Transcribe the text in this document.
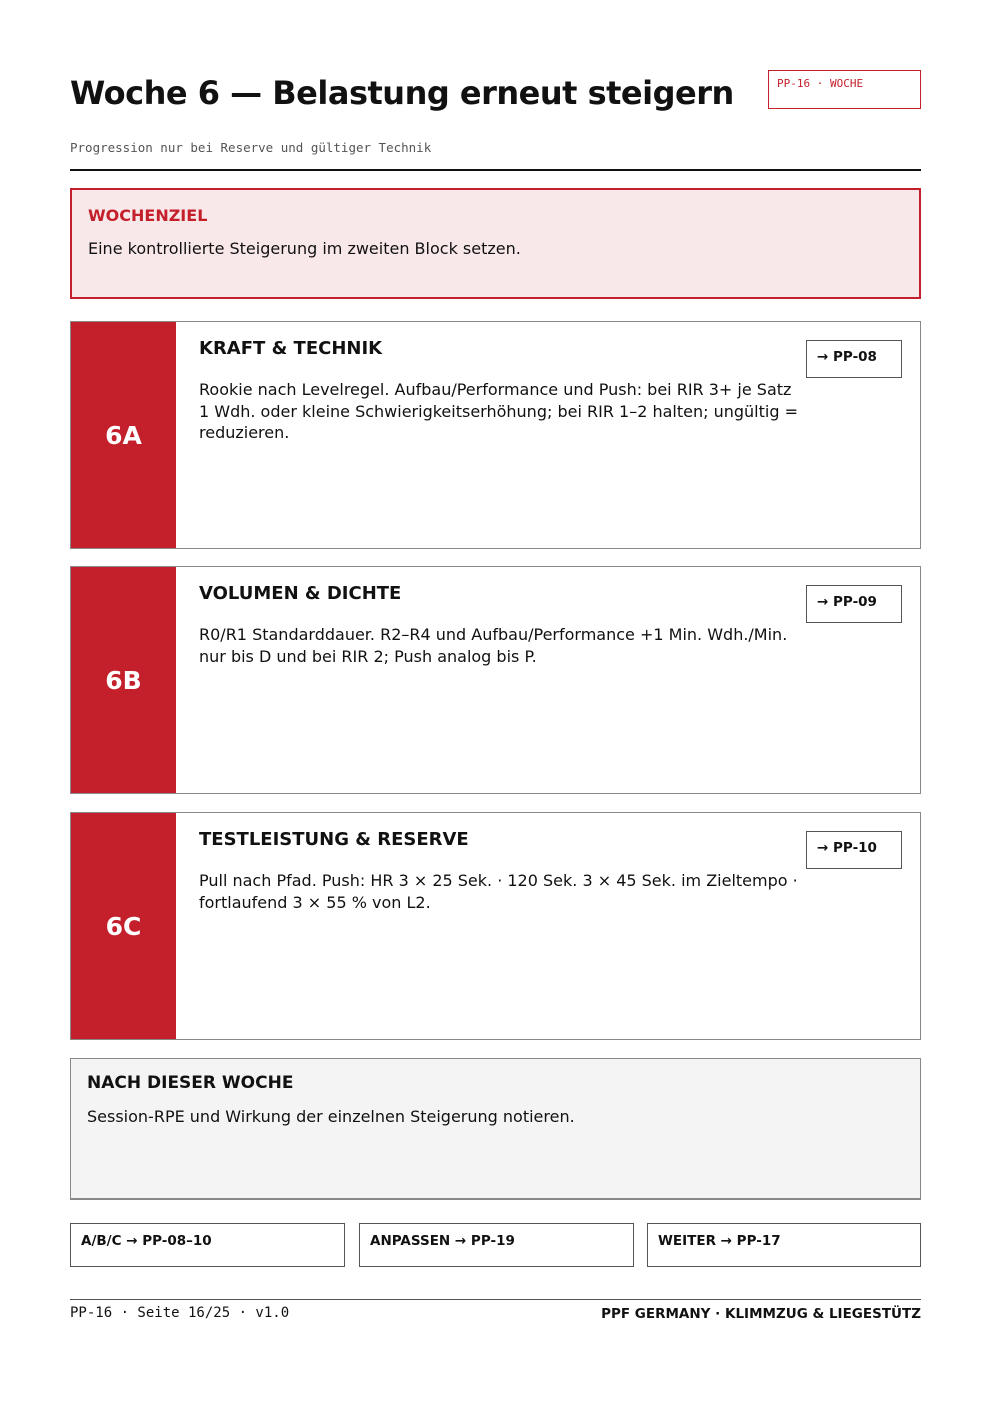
Woche 6 — Belastung erneut steigern	PP-16 · WOCHE
Progression nur bei Reserve und gültiger Technik
WOCHENZIEL
Eine kontrollierte Steigerung im zweiten Block setzen.
6A
KRAFT & TECHNIK
Rookie nach Levelregel. Aufbau/Performance und Push: bei RIR 3+ je Satz 1 Wdh. oder kleine Schwierigkeitserhöhung; bei RIR 1–2 halten; ungültig = reduzieren.
→ PP-08
6B
VOLUMEN & DICHTE
R0/R1 Standarddauer. R2–R4 und Aufbau/Performance +1 Min. Wdh./Min. nur bis D und bei RIR 2; Push analog bis P.
→ PP-09
6C
TESTLEISTUNG & RESERVE
Pull nach Pfad. Push: HR 3 × 25 Sek. · 120 Sek. 3 × 45 Sek. im Zieltempo · fortlaufend 3 × 55 % von L2.
→ PP-10
NACH DIESER WOCHE
Session-RPE und Wirkung der einzelnen Steigerung notieren.
A/B/C → PP-08–10	ANPASSEN → PP-19	WEITER → PP-17
PP-16 · Seite 16/25 · v1.0	PPF GERMANY · KLIMMZUG & LIEGESTÜTZ
